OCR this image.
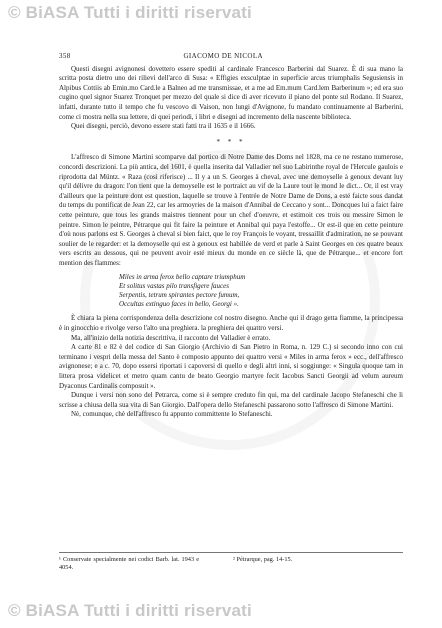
© BiASA Tutti i diritti riservati
358	GIACOMO DE NICOLA

Questi disegni avignonesi dovettero essere spediti al cardinale Francesco Barberini dal Suarez. È di sua mano la scritta posta dietro uno dei rilievi dell'arco di Susa: « Effigies exsculptae in superficie arcus triumphalis Segusiensis in Alpibus Cottiis ab Emin.mo Card.le a Balneo ad me transmissae, et a me ad Em.mum Card.lem Barberinum »; ed era suo cugino quel signor Suarez Tronquet per mezzo del quale si dice di aver ricevuto il piano del ponte sul Rodano. Il Suarez, infatti, durante tutto il tempo che fu vescovo di Vaison, non lungi d'Avignone, fu mandato continuamente al Barberini, come ci mostra nella sua lettere, di quei periodi, i libri e disegni ad incremento della nascente biblioteca.

Quei disegni, perciò, devono essere stati fatti tra il 1635 e il 1666.

* * *

L'affresco di Simone Martini scomparve dal portico di Notre Dame des Doms nel 1828, ma ce ne restano numerose, concordi descrizioni. La più antica, del 1601, è quella inserita dal Valladier nel suo Labirinthe royal de l'Hercule gaulois e riprodotta dal Müntz. « Raza (così riferisce) ... Il y a un S. Georges à cheval, avec une demoyselle à genoux devant luy qu'il délivre du dragon: l'on tient que la demoyselle est le portraict au vif de la Laure tout le mond le dict... Or, il est vray d'ailleurs que la peinture dont est question, laquelle se trouve à l'entrée de Notre Dame de Dons, a esté faicte sous dandat du temps du pontificat de Jean 22, car les armoyries de la maison d'Annibal de Ceccano y sont... Doncques lui a faict faire cette peinture, que tous les grands maistres tiennent pour un chef d'oeuvre, et estimoit ces trois ou messire Simon le peintre. Simon le peintre, Pétrarque qui fit faire la peinture et Annibal qui paya l'estoffe... Or est-il que en cette peinture d'où nous parlons est S. Georges à cheval si bien faict, que le roy François le voyant, tressaillit d'admiration, ne se pouvant soulier de le regarder: et la demoyselle qui est à genoux est habillée de verd et parle à Saint Georges en ces quatre beaux vers escrits au dessous, qui ne peuvent avoir esté mieux du monde en ce siècle là, que de Pétrarque... et encore fort mention des flammes:

Miles in arma ferox bello captare triumphum
Et solitus vastas pilo transfigere fauces
Serpentis, tetrum spirantes pectore fumum,
Occultas extinguo faces in bello, Georgi ».

È chiara la piena corrispondenza della descrizione col nostro disegno. Anche qui il drago getta fiamme, la principessa è in ginocchio e rivolge verso l'alto una preghiera. la preghiera dei quattro versi.

Ma, all'inizio della notizia descrittiva, il racconto del Valladier è errato.

A carte 81 e 82 è del codice di San Giorgio (Archivio di San Pietro in Roma, n. 129 C.) si secondo inno con cui terminano i vespri della messa del Santo è composto appunto dei quattro versi « Miles in arma ferox » ecc., dell'affresco avignonese; e a c. 70, dopo essersi riportati i capoversi di quello e degli altri inni, si soggiunge: « Singula quoque tam in littera prosa videlicet et metro quam cantu de beato Georgio martyre fecit Iacobus Sancti Georgii ad velum aureum Dyaconus Cardinalis composuit ».

Dunque i versi non sono del Petrarca, come si è sempre creduto fin qui, ma del cardinale Jacopo Stefaneschi che li scrisse a chiusa della sua vita di San Giorgio. Dall'opera dello Stefaneschi passarono sotto l'affresco di Simone Martini.

Nè, comunque, chè dell'affresco fu appunto committente lo Stefaneschi.

¹ Conservate specialmente nei codici Barb. lat. 1943 e 4054.
² Pétrarque, pag. 14-15.
© BiASA Tutti i diritti riservati
